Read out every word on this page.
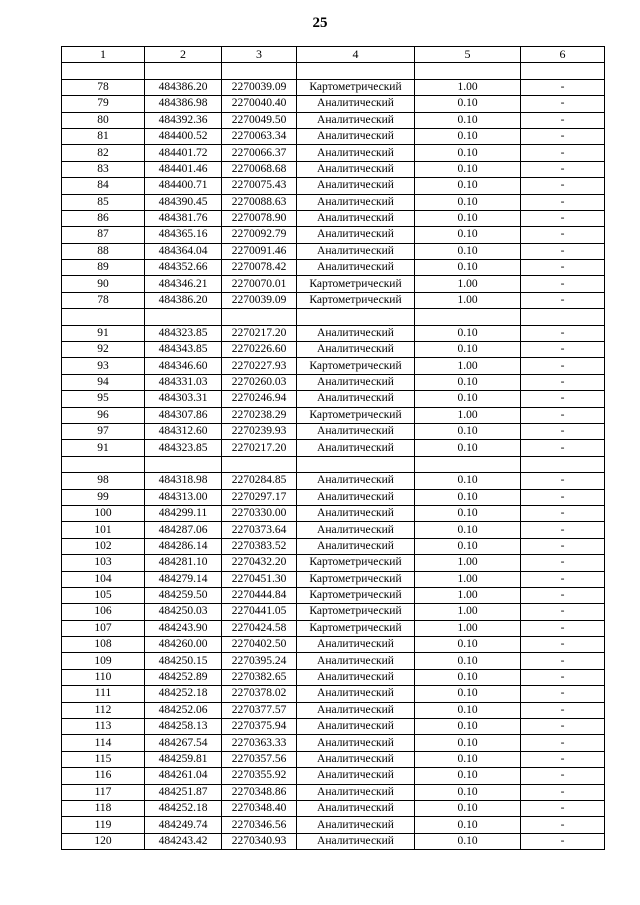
25
1	2	3	4	5	6

78	484386.20	2270039.09	Картометрический	1.00	-
79	484386.98	2270040.40	Аналитический	0.10	-
80	484392.36	2270049.50	Аналитический	0.10	-
81	484400.52	2270063.34	Аналитический	0.10	-
82	484401.72	2270066.37	Аналитический	0.10	-
83	484401.46	2270068.68	Аналитический	0.10	-
84	484400.71	2270075.43	Аналитический	0.10	-
85	484390.45	2270088.63	Аналитический	0.10	-
86	484381.76	2270078.90	Аналитический	0.10	-
87	484365.16	2270092.79	Аналитический	0.10	-
88	484364.04	2270091.46	Аналитический	0.10	-
89	484352.66	2270078.42	Аналитический	0.10	-
90	484346.21	2270070.01	Картометрический	1.00	-
78	484386.20	2270039.09	Картометрический	1.00	-

91	484323.85	2270217.20	Аналитический	0.10	-
92	484343.85	2270226.60	Аналитический	0.10	-
93	484346.60	2270227.93	Картометрический	1.00	-
94	484331.03	2270260.03	Аналитический	0.10	-
95	484303.31	2270246.94	Аналитический	0.10	-
96	484307.86	2270238.29	Картометрический	1.00	-
97	484312.60	2270239.93	Аналитический	0.10	-
91	484323.85	2270217.20	Аналитический	0.10	-

98	484318.98	2270284.85	Аналитический	0.10	-
99	484313.00	2270297.17	Аналитический	0.10	-
100	484299.11	2270330.00	Аналитический	0.10	-
101	484287.06	2270373.64	Аналитический	0.10	-
102	484286.14	2270383.52	Аналитический	0.10	-
103	484281.10	2270432.20	Картометрический	1.00	-
104	484279.14	2270451.30	Картометрический	1.00	-
105	484259.50	2270444.84	Картометрический	1.00	-
106	484250.03	2270441.05	Картометрический	1.00	-
107	484243.90	2270424.58	Картометрический	1.00	-
108	484260.00	2270402.50	Аналитический	0.10	-
109	484250.15	2270395.24	Аналитический	0.10	-
110	484252.89	2270382.65	Аналитический	0.10	-
111	484252.18	2270378.02	Аналитический	0.10	-
112	484252.06	2270377.57	Аналитический	0.10	-
113	484258.13	2270375.94	Аналитический	0.10	-
114	484267.54	2270363.33	Аналитический	0.10	-
115	484259.81	2270357.56	Аналитический	0.10	-
116	484261.04	2270355.92	Аналитический	0.10	-
117	484251.87	2270348.86	Аналитический	0.10	-
118	484252.18	2270348.40	Аналитический	0.10	-
119	484249.74	2270346.56	Аналитический	0.10	-
120	484243.42	2270340.93	Аналитический	0.10	-
